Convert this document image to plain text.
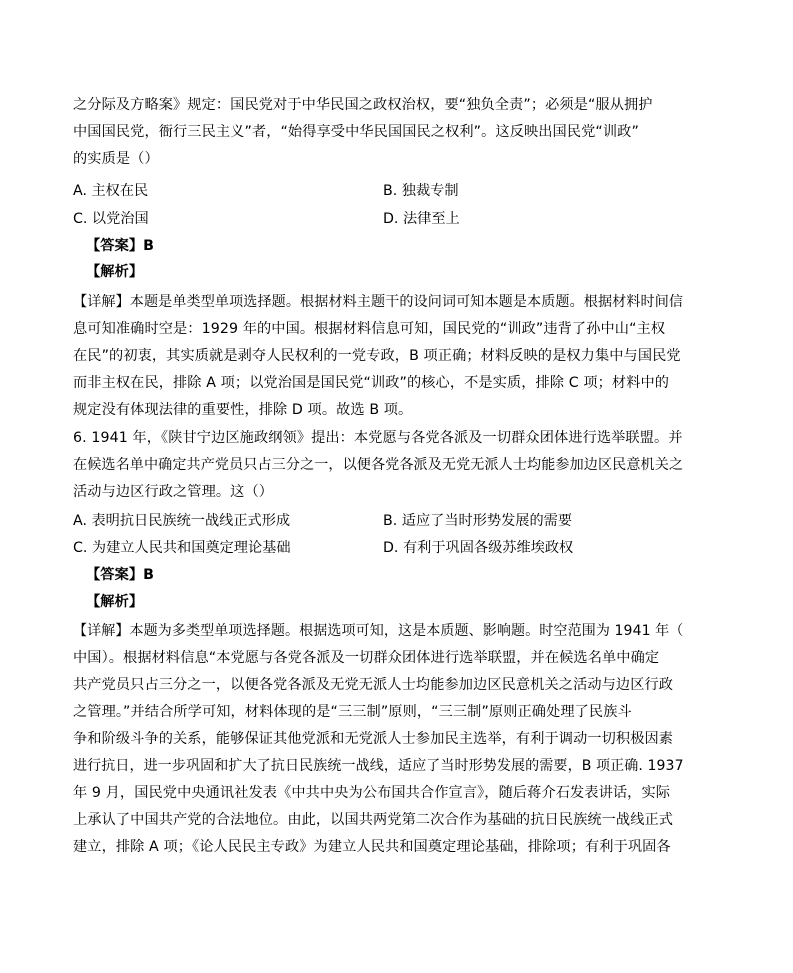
之分际及方略案》规定：国民党对于中华民国之政权治权，要“独负全责”；必须是“服从拥护
中国国民党，衙行三民主义”者，“始得享受中华民国国民之权利”。这反映出国民党“训政”
的实质是（）
A. 主权在民	B. 独裁专制
C. 以党治国	D. 法律至上
【答案】B
【解析】
【详解】本题是单类型单项选择题。根据材料主题干的设问词可知本题是本质题。根据材料时间信
息可知准确时空是：1929 年的中国。根据材料信息可知，国民党的“训政”违背了孙中山“主权
在民”的初衷，其实质就是剥夺人民权利的一党专政，B 项正确；材料反映的是权力集中与国民党
而非主权在民，排除 A 项；以党治国是国民党“训政”的核心，不是实质，排除 C 项；材料中的
规定没有体现法律的重要性，排除 D 项。故选 B 项。
6. 1941 年，《陕甘宁边区施政纲领》提出：本党愿与各党各派及一切群众团体进行选举联盟。并
在候选名单中确定共产党员只占三分之一，以便各党各派及无党无派人士均能参加边区民意机关之
活动与边区行政之管理。这（）
A. 表明抗日民族统一战线正式形成	B. 适应了当时形势发展的需要
C. 为建立人民共和国奠定理论基础	D. 有利于巩固各级苏维埃政权
【答案】B
【解析】
【详解】本题为多类型单项选择题。根据选项可知，这是本质题、影响题。时空范围为 1941 年（
中国）。根据材料信息“本党愿与各党各派及一切群众团体进行选举联盟，并在候选名单中确定
共产党员只占三分之一，以便各党各派及无党无派人士均能参加边区民意机关之活动与边区行政
之管理。”并结合所学可知，材料体现的是“三三制”原则，“三三制”原则正确处理了民族斗
争和阶级斗争的关系，能够保证其他党派和无党派人士参加民主选举，有利于调动一切积极因素
进行抗日，进一步巩固和扩大了抗日民族统一战线，适应了当时形势发展的需要，B 项正确. 1937
年 9 月，国民党中央通讯社发表《中共中央为公布国共合作宣言》，随后蒋介石发表讲话，实际
上承认了中国共产党的合法地位。由此，以国共两党第二次合作为基础的抗日民族统一战线正式
建立，排除 A 项；《论人民民主专政》为建立人民共和国奠定理论基础，排除项；有利于巩固各
